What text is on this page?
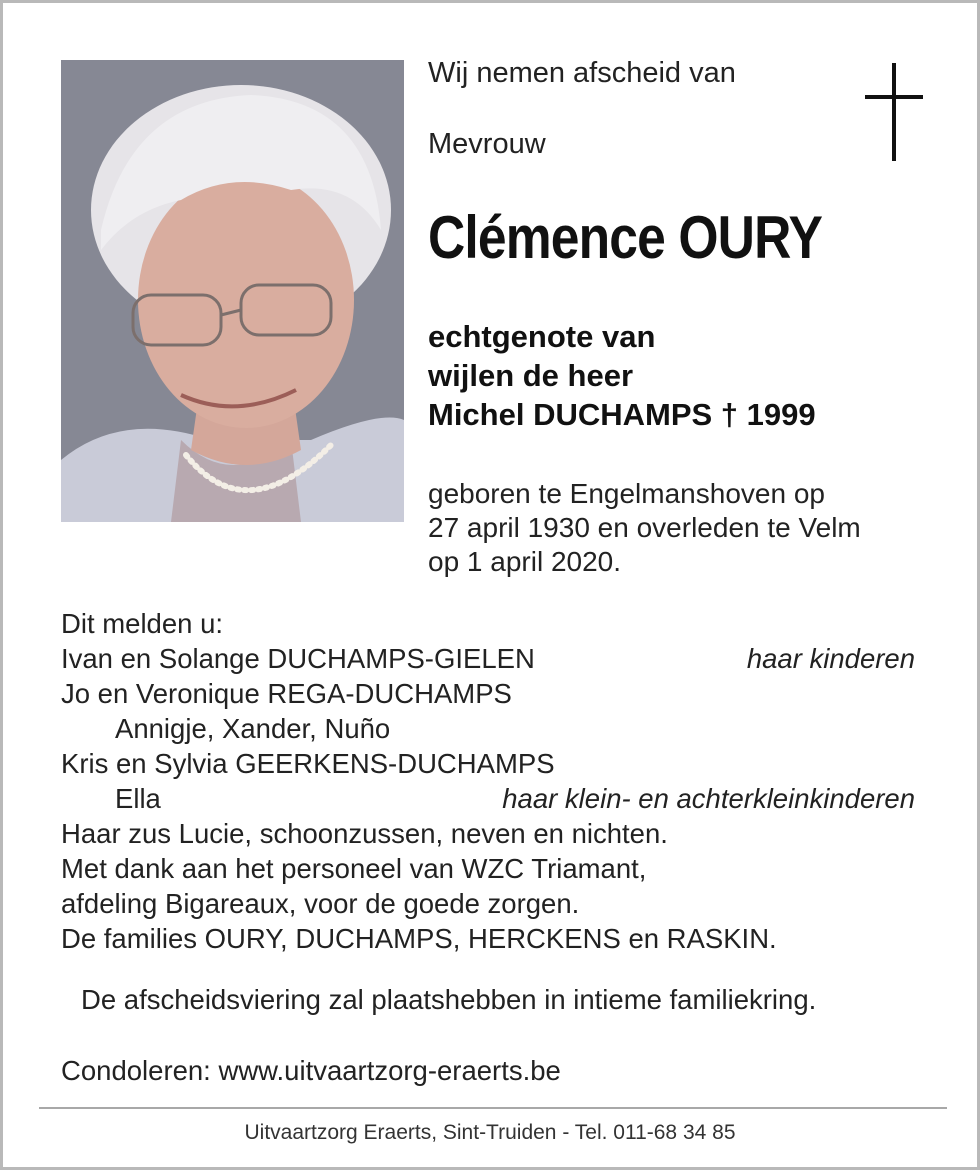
Wij nemen afscheid van
Mevrouw
Clémence OURY
echtgenote van
wijlen de heer
Michel DUCHAMPS † 1999
geboren te Engelmanshoven op
27 april 1930 en overleden te Velm
op 1 april 2020.
Dit melden u:
Ivan en Solange DUCHAMPS-GIELEN	haar kinderen
Jo en Veronique REGA-DUCHAMPS
Annigje, Xander, Nuño
Kris en Sylvia GEERKENS-DUCHAMPS
Ella	haar klein- en achterkleinkinderen
Haar zus Lucie, schoonzussen, neven en nichten.
Met dank aan het personeel van WZC Triamant,
afdeling Bigareaux, voor de goede zorgen.
De families OURY, DUCHAMPS, HERCKENS en RASKIN.
De afscheidsviering zal plaatshebben in intieme familiekring.
Condoleren: www.uitvaartzorg-eraerts.be
Uitvaartzorg Eraerts, Sint-Truiden - Tel. 011-68 34 85
